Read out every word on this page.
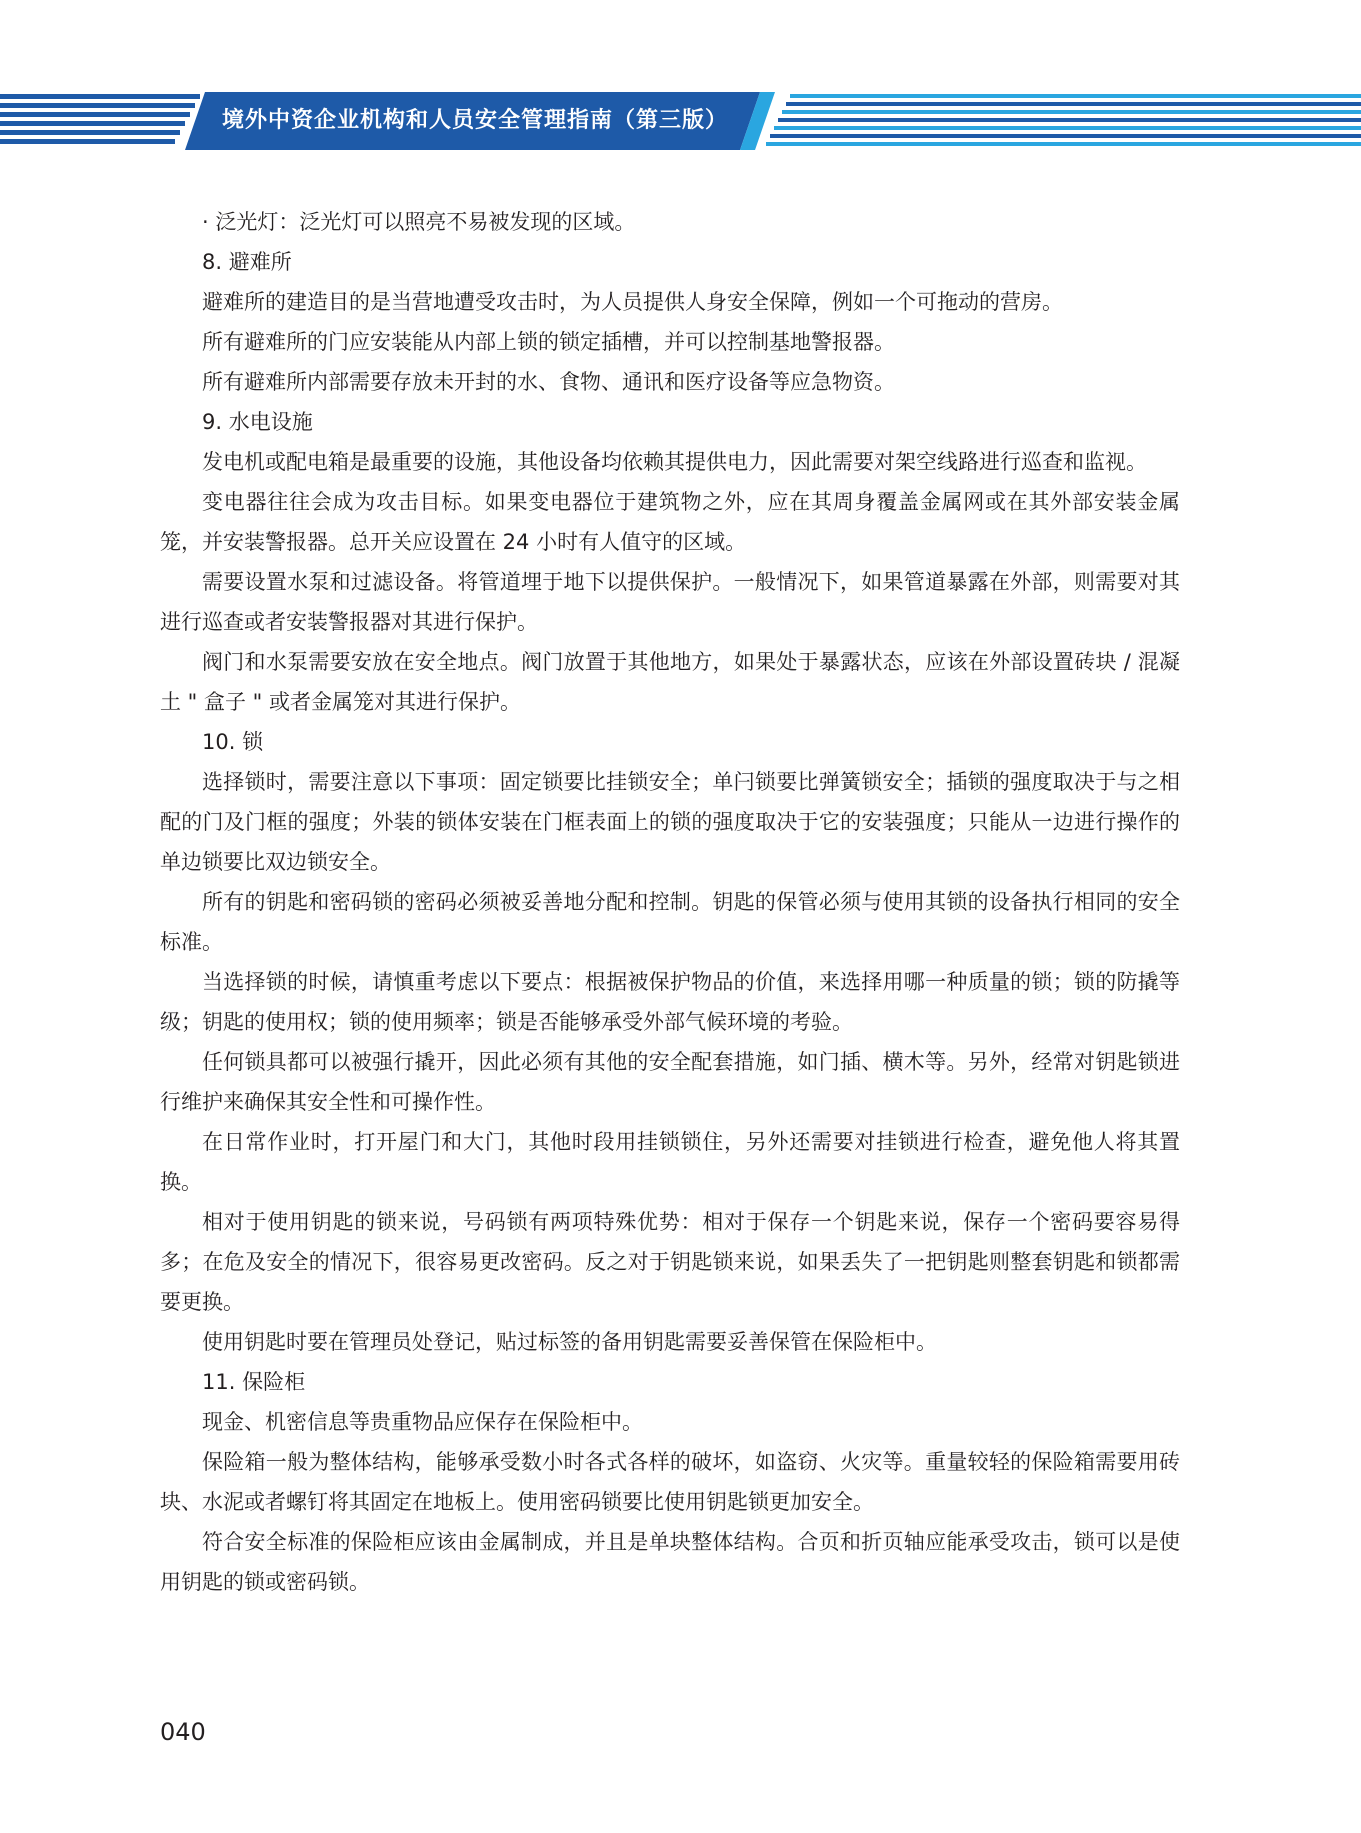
境外中资企业机构和人员安全管理指南（第三版）

· 泛光灯：泛光灯可以照亮不易被发现的区域。

8. 避难所

避难所的建造目的是当营地遭受攻击时，为人员提供人身安全保障，例如一个可拖动的营房。

所有避难所的门应安装能从内部上锁的锁定插槽，并可以控制基地警报器。

所有避难所内部需要存放未开封的水、食物、通讯和医疗设备等应急物资。

9. 水电设施

发电机或配电箱是最重要的设施，其他设备均依赖其提供电力，因此需要对架空线路进行巡查和监视。

变电器往往会成为攻击目标。如果变电器位于建筑物之外，应在其周身覆盖金属网或在其外部安装金属笼，并安装警报器。总开关应设置在 24 小时有人值守的区域。

需要设置水泵和过滤设备。将管道埋于地下以提供保护。一般情况下，如果管道暴露在外部，则需要对其进行巡查或者安装警报器对其进行保护。

阀门和水泵需要安放在安全地点。阀门放置于其他地方，如果处于暴露状态，应该在外部设置砖块 / 混凝土 " 盒子 " 或者金属笼对其进行保护。

10. 锁

选择锁时，需要注意以下事项：固定锁要比挂锁安全；单闩锁要比弹簧锁安全；插锁的强度取决于与之相配的门及门框的强度；外装的锁体安装在门框表面上的锁的强度取决于它的安装强度；只能从一边进行操作的单边锁要比双边锁安全。

所有的钥匙和密码锁的密码必须被妥善地分配和控制。钥匙的保管必须与使用其锁的设备执行相同的安全标准。

当选择锁的时候，请慎重考虑以下要点：根据被保护物品的价值，来选择用哪一种质量的锁；锁的防撬等级；钥匙的使用权；锁的使用频率；锁是否能够承受外部气候环境的考验。

任何锁具都可以被强行撬开，因此必须有其他的安全配套措施，如门插、横木等。另外，经常对钥匙锁进行维护来确保其安全性和可操作性。

在日常作业时，打开屋门和大门，其他时段用挂锁锁住，另外还需要对挂锁进行检查，避免他人将其置换。

相对于使用钥匙的锁来说，号码锁有两项特殊优势：相对于保存一个钥匙来说，保存一个密码要容易得多；在危及安全的情况下，很容易更改密码。反之对于钥匙锁来说，如果丢失了一把钥匙则整套钥匙和锁都需要更换。

使用钥匙时要在管理员处登记，贴过标签的备用钥匙需要妥善保管在保险柜中。

11. 保险柜

现金、机密信息等贵重物品应保存在保险柜中。

保险箱一般为整体结构，能够承受数小时各式各样的破坏，如盗窃、火灾等。重量较轻的保险箱需要用砖块、水泥或者螺钉将其固定在地板上。使用密码锁要比使用钥匙锁更加安全。

符合安全标准的保险柜应该由金属制成，并且是单块整体结构。合页和折页轴应能承受攻击，锁可以是使用钥匙的锁或密码锁。

040
